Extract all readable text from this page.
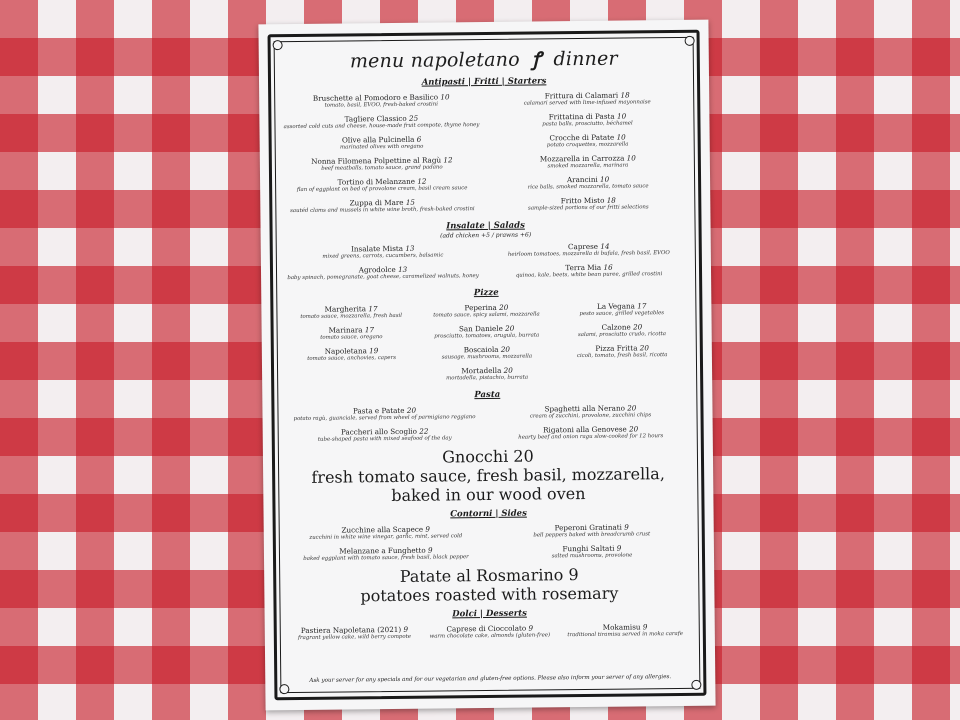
menu napoletano ꝭ dinner
Antipasti | Fritti | Starters
Bruschette al Pomodoro e Basilico 10
tomato, basil, EVOO, fresh-baked crostini
Tagliere Classico 25
assorted cold cuts and cheese, house-made fruit compote, thyme honey
Olive alla Pulcinella 6
marinated olives with oregano
Nonna Filomena Polpettine al Ragù 12
beef meatballs, tomato sauce, grand padano
Tortino di Melanzane 12
flan of eggplant on bed of provolone cream, basil cream sauce
Zuppa di Mare 15
sautéd clams and mussels in white wine broth, fresh-baked crostini
Frittura di Calamari 18
calamari served with lime-infused mayonnaise
Frittatina di Pasta 10
pasta balls, prosciutto, béchamel
Crocche di Patate 10
potato croquettes, mozzarella
Mozzarella in Carrozza 10
smoked mozzarella, marinara
Arancini 10
rice balls, smoked mozzarella, tomato sauce
Fritto Misto 18
sample-sized portions of our fritti selections
Insalate | Salads
(add chicken +5 / prawns +6)
Insalate Mista 13
mixed greens, carrots, cucumbers, balsamic
Agrodolce 13
baby spinach, pomegranate, goat cheese, caramelized walnuts, honey
Caprese 14
heirloom tomatoes, mozzarella di bufala, fresh basil, EVOO
Terra Mia 16
quinoa, kale, beets, white bean puree, grilled crostini
Pizze
Margherita 17
tomato sauce, mozzarella, fresh basil
Marinara 17
tomato sauce, oregano
Napoletana 19
tomato sauce, anchovies, capers
Peperina 20
tomato sauce, spicy salami, mozzarella
San Daniele 20
prosciutto, tomatoes, arugula, burrata
Boscaiola 20
sausage, mushrooms, mozzarella
Mortadella 20
mortadella, pistachio, burrata
La Vegana 17
pesto sauce, grilled vegetables
Calzone 20
salami, prosciutto crudo, ricotta
Pizza Fritta 20
cicoli, tomato, fresh basil, ricotta
Pasta
Pasta e Patate 20
potato ragù, guanciale, served from wheel of parmigiano reggiano
Paccheri allo Scoglio 22
tube-shaped pasta with mixed seafood of the day
Spaghetti alla Nerano 20
cream of zucchini, provolone, zucchini chips
Rigatoni alla Genovese 20
hearty beef and onion ragu slow-cooked for 12 hours
Gnocchi 20
fresh tomato sauce, fresh basil, mozzarella, baked in our wood oven
Contorni | Sides
Zucchine alla Scapece 9
zucchini in white wine vinegar, garlic, mint, served cold
Melanzane a Funghetto 9
baked eggplant with tomato sauce, fresh basil, black pepper
Peperoni Gratinati 9
bell peppers baked with breadcrumb crust
Funghi Saltati 9
salted mushrooms, provolone
Patate al Rosmarino 9
potatoes roasted with rosemary
Dolci | Desserts
Pastiera Napoletana (2021) 9
fragrant yellow cake, wild berry compote
Caprese di Cioccolato 9
warm chocolate cake, almonds (gluten-free)
Mokamisu 9
traditional tiramisu served in moka carafe
Ask your server for any specials and for our vegetarian and gluten-free options. Please also inform your server of any allergies.
